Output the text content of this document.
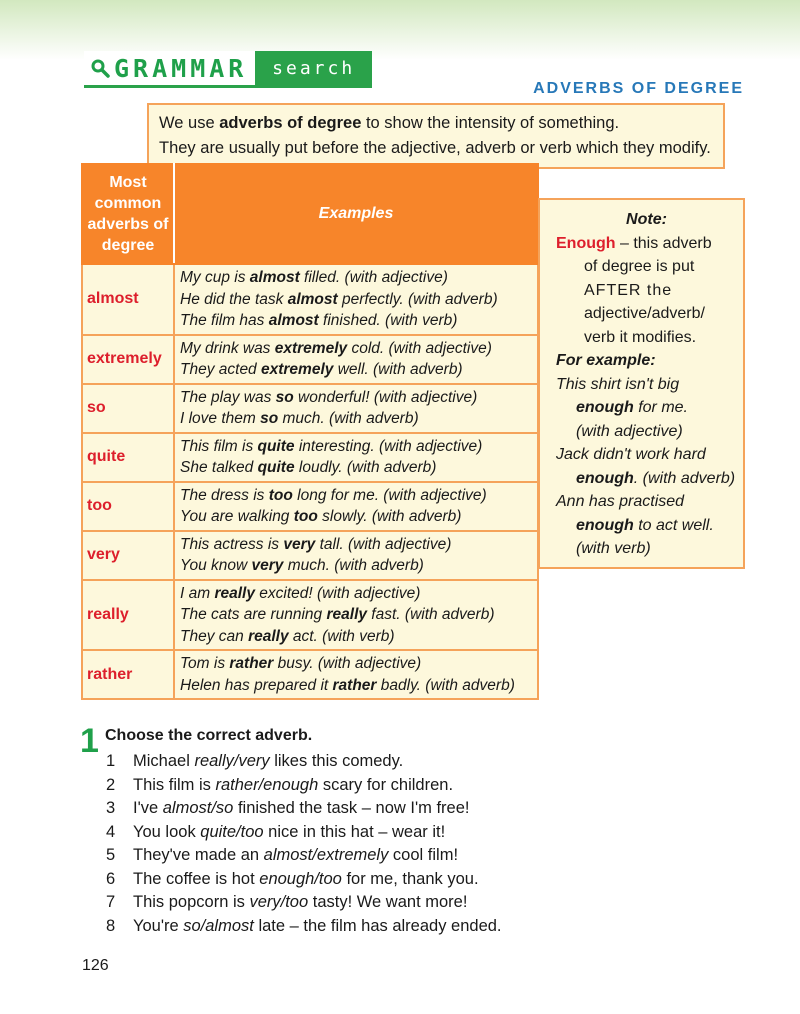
GRAMMAR	search
ADVERBS OF DEGREE

We use adverbs of degree to show the intensity of something.

They are usually put before the adjective, adverb or verb which they modify.

Most
common
adverbs of
degree	Examples
almost	My cup is almost filled. (with adjective)
He did the task almost perfectly. (with adverb)
The film has almost finished. (with verb)

extremely	My drink was extremely cold. (with adjective)
They acted extremely well. (with adverb)

so	The play was so wonderful! (with adjective)
I love them so much. (with adverb)

quite	This film is quite interesting. (with adjective)
She talked quite loudly. (with adverb)

too	The dress is too long for me. (with adjective)
You are walking too slowly. (with adverb)

very	This actress is very tall. (with adjective)
You know very much. (with adverb)

really	I am really excited! (with adjective)
The cats are running really fast. (with adverb)
They can really act. (with verb)

rather	Tom is rather busy. (with adjective)
Helen has prepared it rather badly. (with adverb)
Note:
Enough – this adverb
of degree is put
AFTER the
adjective/adverb/
verb it modifies.
For example:
This shirt isn't big
enough for me.
(with adjective)
Jack didn't work hard
enough. (with adverb)
Ann has practised
enough to act well.
(with verb)
1 Choose the correct adverb.
1	Michael really/very likes this comedy.
2	This film is rather/enough scary for children.
3	I've almost/so finished the task – now I'm free!
4	You look quite/too nice in this hat – wear it!
5	They've made an almost/extremely cool film!
6	The coffee is hot enough/too for me, thank you.
7	This popcorn is very/too tasty! We want more!
8	You're so/almost late – the film has already ended.
126
